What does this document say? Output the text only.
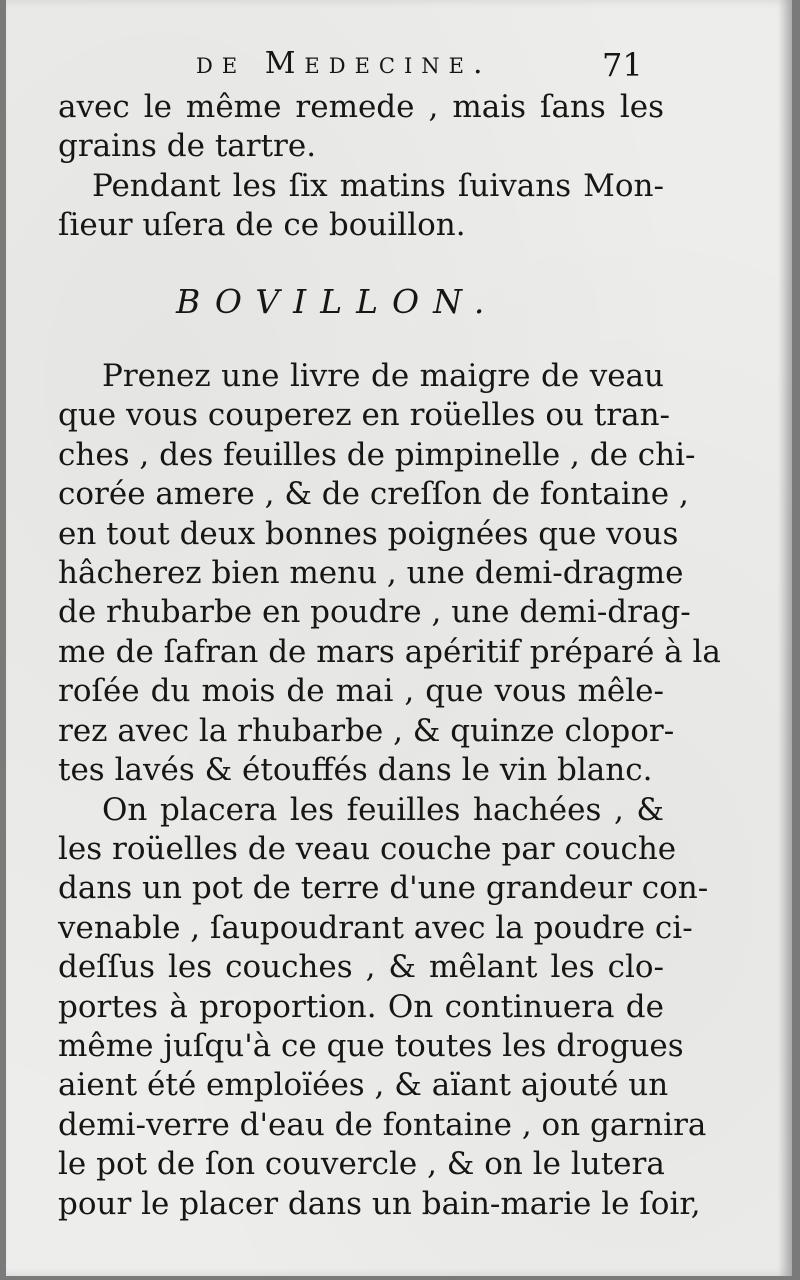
de Medecine.	71
avec le même remede , mais ſans les
grains de tartre.
Pendant les ſix matins ſuivans Mon-
ſieur uſera de ce bouillon.
BOVILLON.
Prenez une livre de maigre de veau
que vous couperez en roüelles ou tran-
ches , des feuilles de pimpinelle , de chi-
corée amere , & de creſſon de fontaine ,
en tout deux bonnes poignées que vous
hâcherez bien menu , une demi-dragme
de rhubarbe en poudre , une demi-drag-
me de ſafran de mars apéritif préparé à la
roſée du mois de mai , que vous mêle-
rez avec la rhubarbe , & quinze clopor-
tes lavés & étouffés dans le vin blanc.
On placera les feuilles hachées , &
les roüelles de veau couche par couche
dans un pot de terre d'une grandeur con-
venable , ſaupoudrant avec la poudre ci-
deſſus les couches , & mêlant les clo-
portes à proportion. On continuera de
même juſqu'à ce que toutes les drogues
aient été emploïées , & aïant ajouté un
demi-verre d'eau de fontaine , on garnira
le pot de ſon couvercle , & on le lutera
pour le placer dans un bain-marie le ſoir,
